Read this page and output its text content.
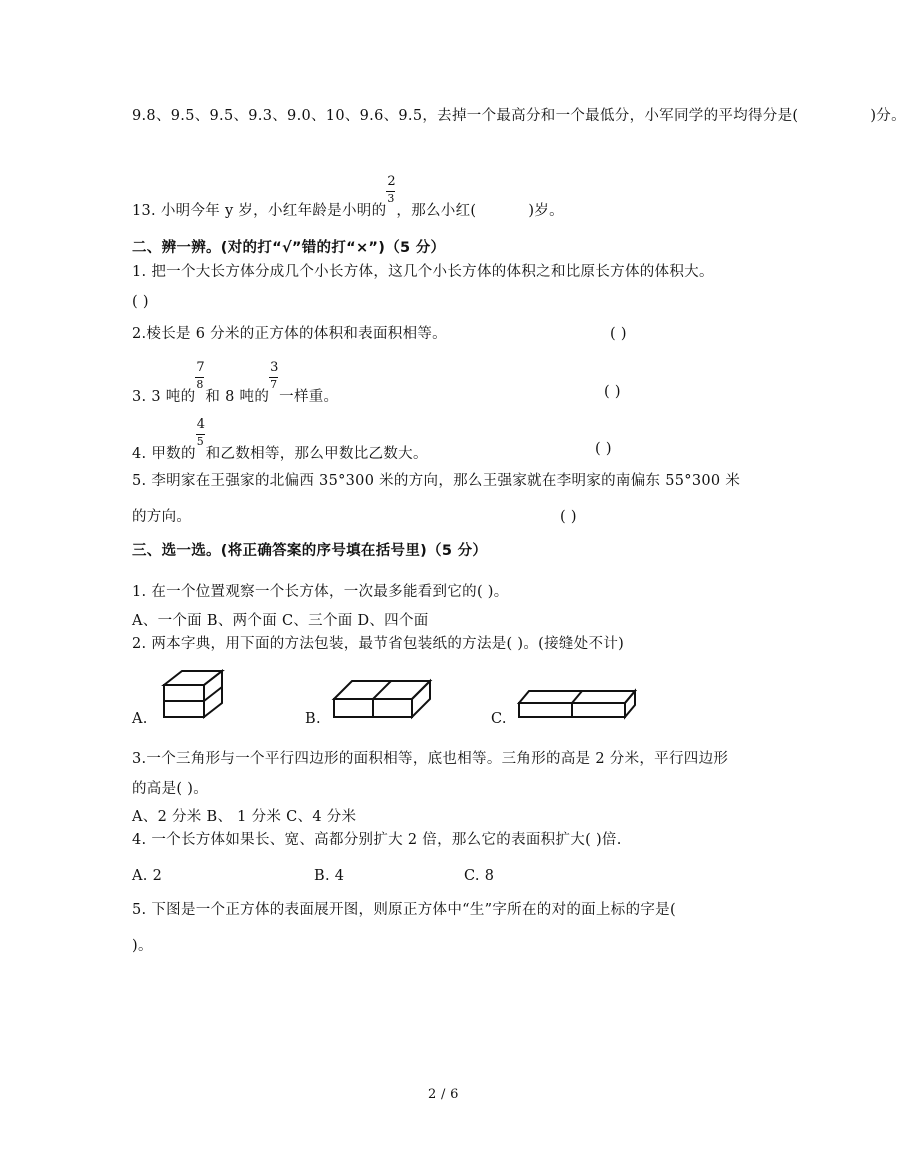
9.8、9.5、9.5、9.3、9.0、10、9.6、9.5，去掉一个最高分和一个最低分，小军同学的平均得分是(	)分。
13. 小明今年 y 岁，小红年龄是小明的 $\frac{2}{3}$ ，那么小红(	)岁。
二、辨一辨。(对的打“√”错的打“×”)（5 分）
1. 把一个大长方体分成几个小长方体，这几个小长方体的体积之和比原长方体的体积大。
( )
2.棱长是 6 分米的正方体的体积和表面积相等。	( )
3. 3 吨的 $\frac{7}{8}$ 和 8 吨的 $\frac{3}{7}$ 一样重。	( )
4. 甲数的 $\frac{4}{5}$ 和乙数相等，那么甲数比乙数大。	( )
5. 李明家在王强家的北偏西 35°300 米的方向，那么王强家就在李明家的南偏东 55°300 米
的方向。	( )
三、选一选。(将正确答案的序号填在括号里)（5 分）
1. 在一个位置观察一个长方体，一次最多能看到它的( )。
A、一个面 B、两个面 C、三个面 D、四个面
2. 两本字典，用下面的方法包装，最节省包装纸的方法是( )。(接缝处不计)
A.	B.	C.
3.一个三角形与一个平行四边形的面积相等，底也相等。三角形的高是 2 分米，平行四边形
的高是( )。
A、2 分米 B、 1 分米 C、4 分米
4. 一个长方体如果长、宽、高都分别扩大 2 倍，那么它的表面积扩大( )倍.
A. 2	B. 4	C. 8
5. 下图是一个正方体的表面展开图，则原正方体中“生”字所在的对的面上标的字是(
)。
2 / 6
